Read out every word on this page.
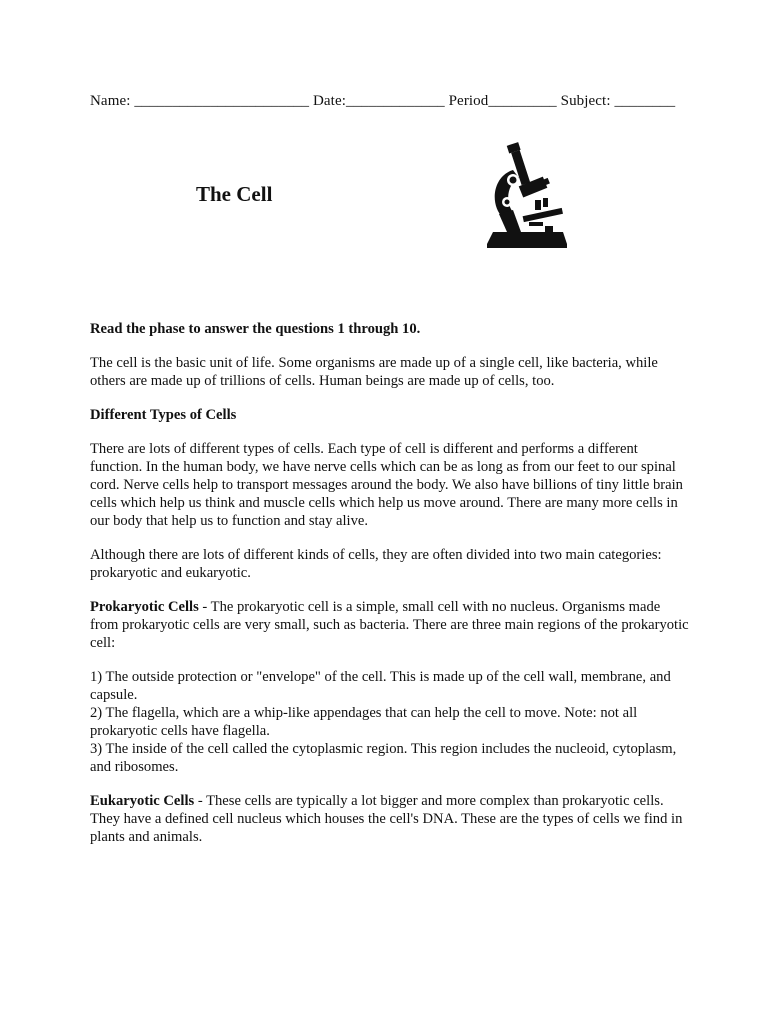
Name: _______________________ Date:_____________ Period_________ Subject: ________
The Cell

Read the phase to answer the questions 1 through 10.

The cell is the basic unit of life. Some organisms are made up of a single cell, like bacteria, while others are made up of trillions of cells. Human beings are made up of cells, too.

Different Types of Cells

There are lots of different types of cells. Each type of cell is different and performs a different function. In the human body, we have nerve cells which can be as long as from our feet to our spinal cord. Nerve cells help to transport messages around the body. We also have billions of tiny little brain cells which help us think and muscle cells which help us move around. There are many more cells in our body that help us to function and stay alive.

Although there are lots of different kinds of cells, they are often divided into two main categories: prokaryotic and eukaryotic.

Prokaryotic Cells - The prokaryotic cell is a simple, small cell with no nucleus. Organisms made from prokaryotic cells are very small, such as bacteria. There are three main regions of the prokaryotic cell:

1) The outside protection or "envelope" of the cell. This is made up of the cell wall, membrane, and capsule.

2) The flagella, which are a whip-like appendages that can help the cell to move. Note: not all prokaryotic cells have flagella.

3) The inside of the cell called the cytoplasmic region. This region includes the nucleoid, cytoplasm, and ribosomes.

Eukaryotic Cells - These cells are typically a lot bigger and more complex than prokaryotic cells. They have a defined cell nucleus which houses the cell's DNA. These are the types of cells we find in plants and animals.
